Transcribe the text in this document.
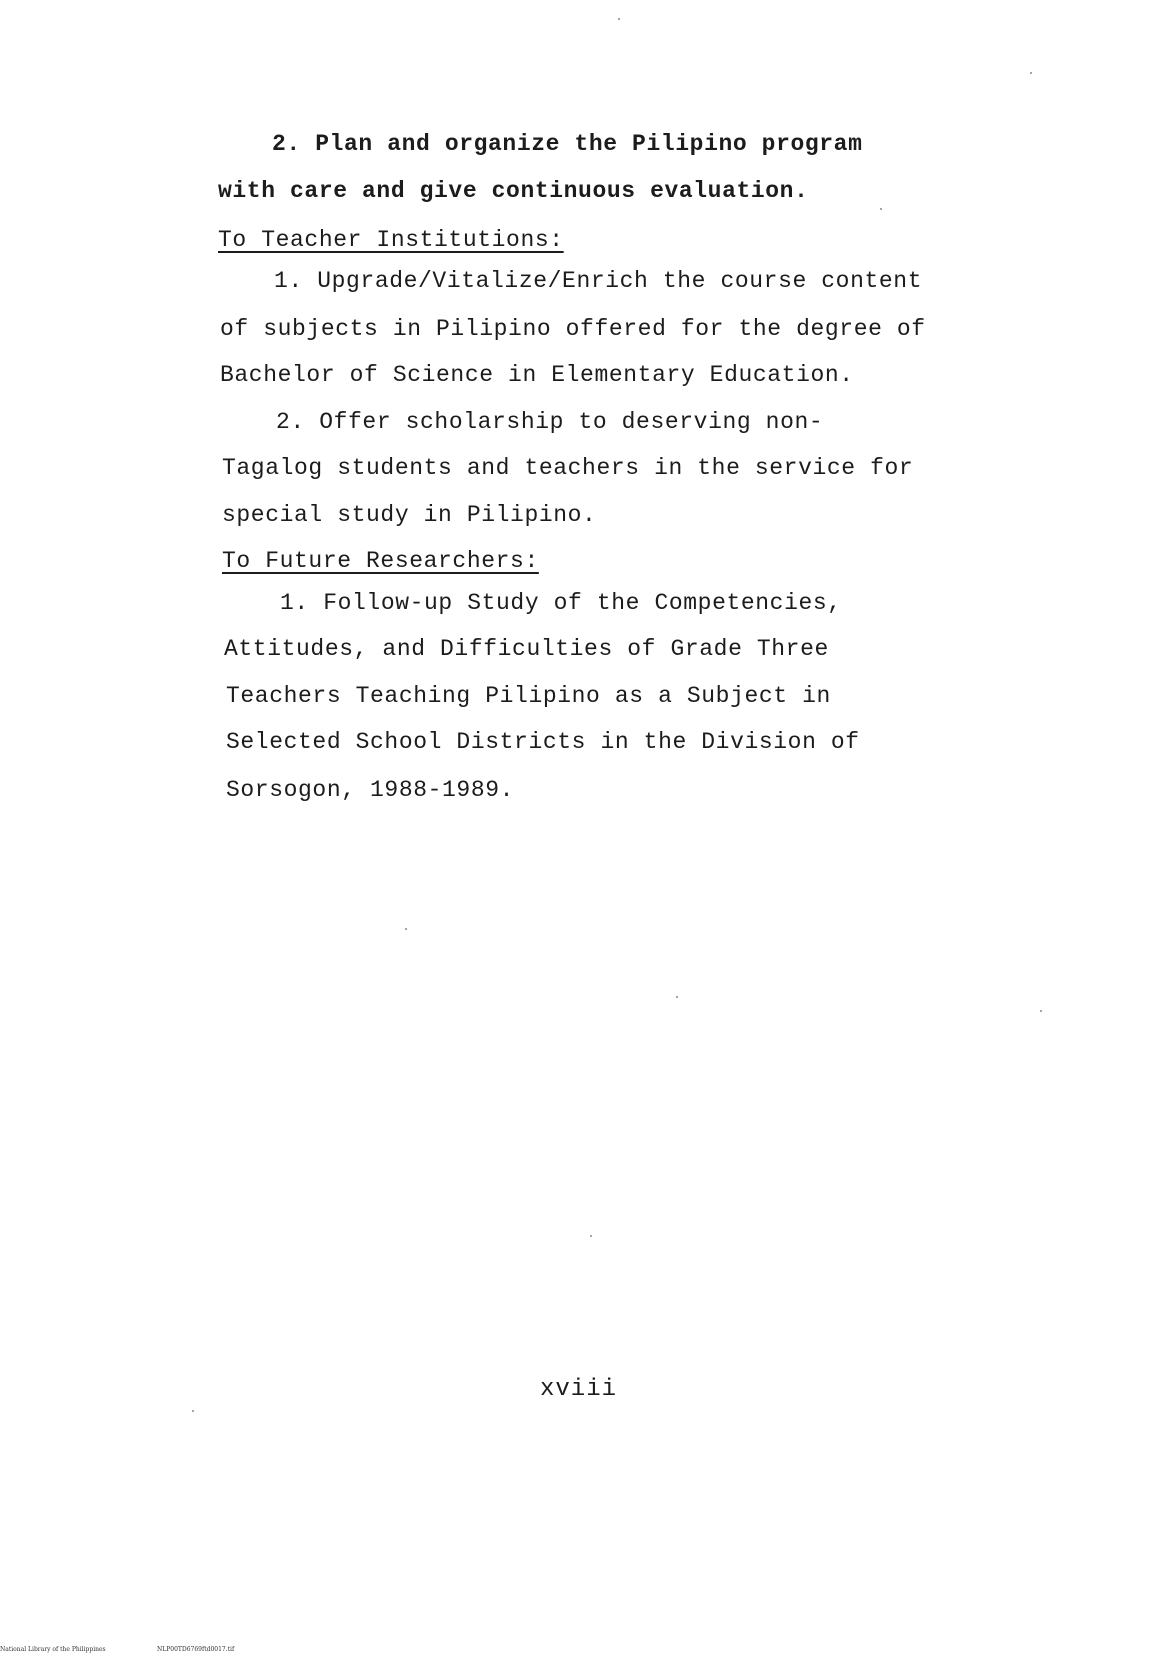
2. Plan and organize the Pilipino program
with care and give continuous evaluation.
To Teacher Institutions:
1. Upgrade/Vitalize/Enrich the course content
of subjects in Pilipino offered for the degree of
Bachelor of Science in Elementary Education.
2. Offer scholarship to deserving non-
Tagalog students and teachers in the service for
special study in Pilipino.
To Future Researchers:
1. Follow-up Study of the Competencies,
Attitudes, and Difficulties of Grade Three
Teachers Teaching Pilipino as a Subject in
Selected School Districts in the Division of
Sorsogon, 1988-1989.
xviii
National Library of the Philippines	NLP00TD6769ftd0017.tif
